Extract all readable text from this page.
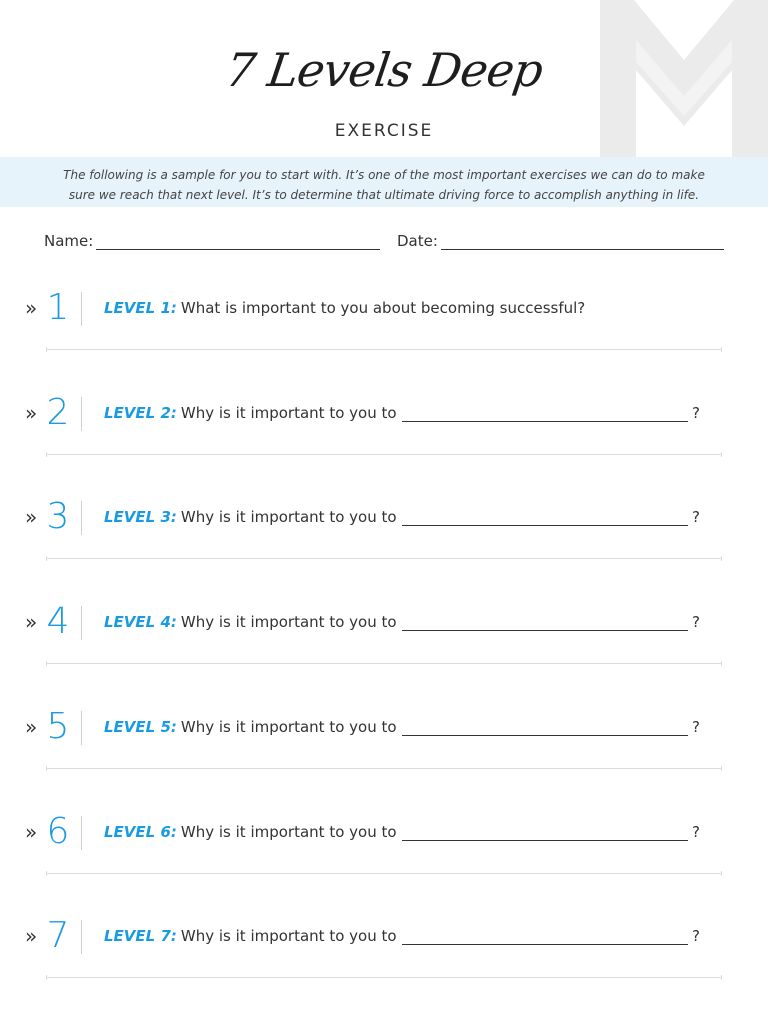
7 Levels Deep
EXERCISE
The following is a sample for you to start with. It’s one of the most important exercises we can do to make
sure we reach that next level. It’s to determine that ultimate driving force to accomplish anything in life.
Name:	Date:
» 1 LEVEL 1: What is important to you about becoming successful?
» 2 LEVEL 2: Why is it important to you to	?
» 3 LEVEL 3: Why is it important to you to	?
» 4 LEVEL 4: Why is it important to you to	?
» 5 LEVEL 5: Why is it important to you to	?
» 6 LEVEL 6: Why is it important to you to	?
» 7 LEVEL 7: Why is it important to you to	?
